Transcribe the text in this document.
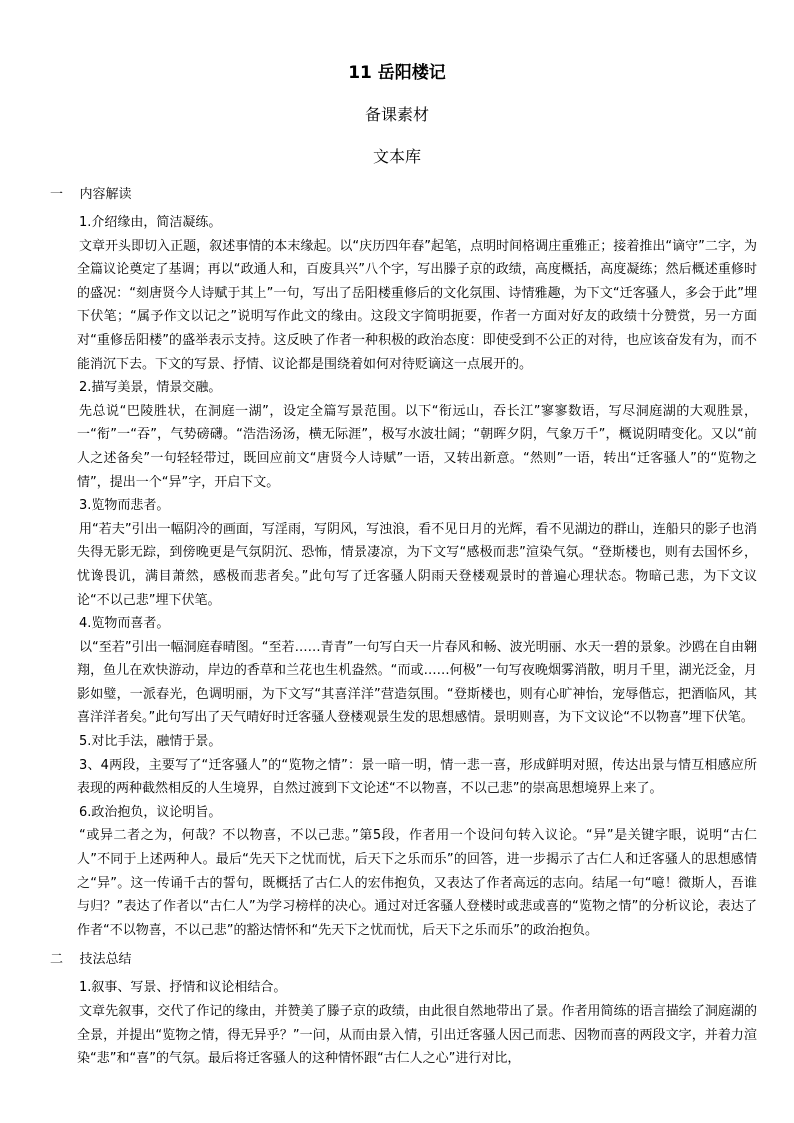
11 岳阳楼记
备课素材
文本库
一    内容解读
1.介绍缘由，简洁凝练。
文章开头即切入正题，叙述事情的本末缘起。以“庆历四年春”起笔，点明时间格调庄重雅正；接着推出“谪守”二字，为全篇议论奠定了基调；再以“政通人和，百废具兴”八个字，写出滕子京的政绩，高度概括，高度凝练；然后概述重修时的盛况：“刻唐贤今人诗赋于其上”一句，写出了岳阳楼重修后的文化氛围、诗情雅趣，为下文“迁客骚人，多会于此”埋下伏笔；“属予作文以记之”说明写作此文的缘由。这段文字简明扼要，作者一方面对好友的政绩十分赞赏，另一方面对“重修岳阳楼”的盛举表示支持。这反映了作者一种积极的政治态度：即使受到不公正的对待，也应该奋发有为，而不能消沉下去。下文的写景、抒情、议论都是围绕着如何对待贬谪这一点展开的。
2.描写美景，情景交融。
先总说“巴陵胜状，在洞庭一湖”，设定全篇写景范围。以下“衔远山，吞长江”寥寥数语，写尽洞庭湖的大观胜景，一“衔”一“吞”，气势磅礴。“浩浩汤汤，横无际涯”，极写水波壮阔；“朝晖夕阴，气象万千”，概说阴晴变化。又以“前人之述备矣”一句轻轻带过，既回应前文“唐贤今人诗赋”一语，又转出新意。“然则”一语，转出“迁客骚人”的“览物之情”，提出一个“异”字，开启下文。
3.览物而悲者。
用“若夫”引出一幅阴冷的画面，写淫雨，写阴风，写浊浪，看不见日月的光辉，看不见湖边的群山，连船只的影子也消失得无影无踪，到傍晚更是气氛阴沉、恐怖，情景凄凉，为下文写“感极而悲”渲染气氛。“登斯楼也，则有去国怀乡，忧谗畏讥，满目萧然，感极而悲者矣。”此句写了迁客骚人阴雨天登楼观景时的普遍心理状态。物暗己悲，为下文议论“不以己悲”埋下伏笔。
4.览物而喜者。
以“至若”引出一幅洞庭春晴图。“至若……青青”一句写白天一片春风和畅、波光明丽、水天一碧的景象。沙鸥在自由翱翔，鱼儿在欢快游动，岸边的香草和兰花也生机盎然。“而或……何极”一句写夜晚烟雾消散，明月千里，湖光泛金，月影如璧，一派春光，色调明丽，为下文写“其喜洋洋”营造氛围。“登斯楼也，则有心旷神怡，宠辱偕忘，把酒临风，其喜洋洋者矣。”此句写出了天气晴好时迁客骚人登楼观景生发的思想感情。景明则喜，为下文议论“不以物喜”埋下伏笔。
5.对比手法，融情于景。
3、4两段，主要写了“迁客骚人”的“览物之情”：景一暗一明，情一悲一喜，形成鲜明对照，传达出景与情互相感应所表现的两种截然相反的人生境界，自然过渡到下文论述“不以物喜，不以己悲”的崇高思想境界上来了。
6.政治抱负，议论明旨。
“或异二者之为，何哉？不以物喜，不以己悲。”第5段，作者用一个设问句转入议论。“异”是关键字眼，说明“古仁人”不同于上述两种人。最后“先天下之忧而忧，后天下之乐而乐”的回答，进一步揭示了古仁人和迁客骚人的思想感情之“异”。这一传诵千古的誓句，既概括了古仁人的宏伟抱负，又表达了作者高远的志向。结尾一句“噫！微斯人，吾谁与归？”表达了作者以“古仁人”为学习榜样的决心。通过对迁客骚人登楼时或悲或喜的“览物之情”的分析议论，表达了作者“不以物喜，不以己悲”的豁达情怀和“先天下之忧而忧，后天下之乐而乐”的政治抱负。
二    技法总结
1.叙事、写景、抒情和议论相结合。
文章先叙事，交代了作记的缘由，并赞美了滕子京的政绩，由此很自然地带出了景。作者用简练的语言描绘了洞庭湖的全景，并提出“览物之情，得无异乎？”一问，从而由景入情，引出迁客骚人因己而悲、因物而喜的两段文字，并着力渲染“悲”和“喜”的气氛。最后将迁客骚人的这种情怀跟“古仁人之心”进行对比，
